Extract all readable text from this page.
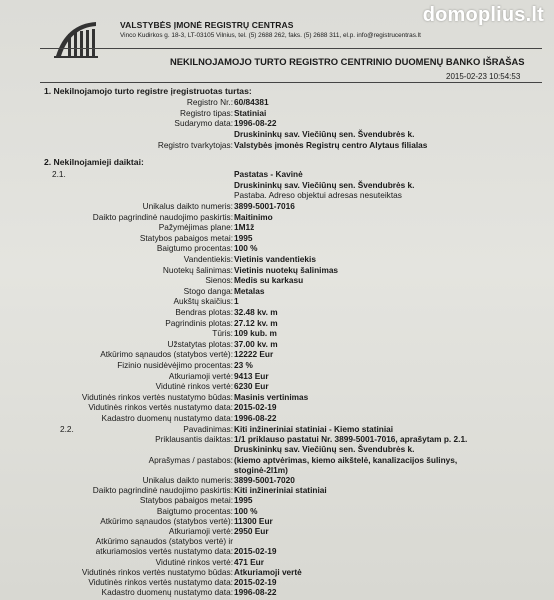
VALSTYBĖS ĮMONĖ REGISTRŲ CENTRAS
Vinco Kudirkos g. 18-3, LT-03105 Vilnius, tel. (5) 2688 262, faks. (5) 2688 311, el.p. info@registrucentras.lt
domoplius.lt
NEKILNOJAMOJO TURTO REGISTRO CENTRINIO DUOMENŲ BANKO IŠRAŠAS
2015-02-23 10:54:53
1. Nekilnojamojo turto registre įregistruotas turtas:
Registro Nr.: 60/84381
Registro tipas: Statiniai
Sudarymo data: 1996-08-22
Druskininkų sav. Viečiūnų sen. Švendubrės k.
Registro tvarkytojas: Valstybės įmonės Registrų centro Alytaus filialas
2. Nekilnojamieji daiktai:
2.1.	Pastatas - Kavinė
Druskininkų sav. Viečiūnų sen. Švendubrės k.
Pastaba. Adreso objektui adresas nesuteiktas
Unikalus daikto numeris: 3899-5001-7016
Daikto pagrindinė naudojimo paskirtis: Maitinimo
Pažymėjimas plane: 1M1ž
Statybos pabaigos metai: 1995
Baigtumo procentas: 100 %
Vandentiekis: Vietinis vandentiekis
Nuotekų šalinimas: Vietinis nuotekų šalinimas
Sienos: Medis su karkasu
Stogo danga: Metalas
Aukštų skaičius: 1
Bendras plotas: 32.48 kv. m
Pagrindinis plotas: 27.12 kv. m
Tūris: 109 kub. m
Užstatytas plotas: 37.00 kv. m
Atkūrimo sąnaudos (statybos vertė): 12222 Eur
Fizinio nusidėvėjimo procentas: 23 %
Atkuriamoji vertė: 9413 Eur
Vidutinė rinkos vertė: 6230 Eur
Vidutinės rinkos vertės nustatymo būdas: Masinis vertinimas
Vidutinės rinkos vertės nustatymo data: 2015-02-19
Kadastro duomenų nustatymo data: 1996-08-22
2.2.	Pavadinimas: Kiti inžineriniai statiniai - Kiemo statiniai
Priklausantis daiktas: 1/1 priklauso pastatui Nr. 3899-5001-7016, aprašytam p. 2.1.
Druskininkų sav. Viečiūnų sen. Švendubrės k.
Aprašymas / pastabos: (kiemo aptvėrimas, kiemo aikštelė, kanalizacijos šulinys,
stoginė-2l1m)
Unikalus daikto numeris: 3899-5001-7020
Daikto pagrindinė naudojimo paskirtis: Kiti inžineriniai statiniai
Statybos pabaigos metai: 1995
Baigtumo procentas: 100 %
Atkūrimo sąnaudos (statybos vertė): 11300 Eur
Atkuriamoji vertė: 2950 Eur
Atkūrimo sąnaudos (statybos vertė) ir
atkuriamosios vertės nustatymo data: 2015-02-19
Vidutinė rinkos vertė: 471 Eur
Vidutinės rinkos vertės nustatymo būdas: Atkuriamoji vertė
Vidutinės rinkos vertės nustatymo data: 2015-02-19
Kadastro duomenų nustatymo data: 1996-08-22
